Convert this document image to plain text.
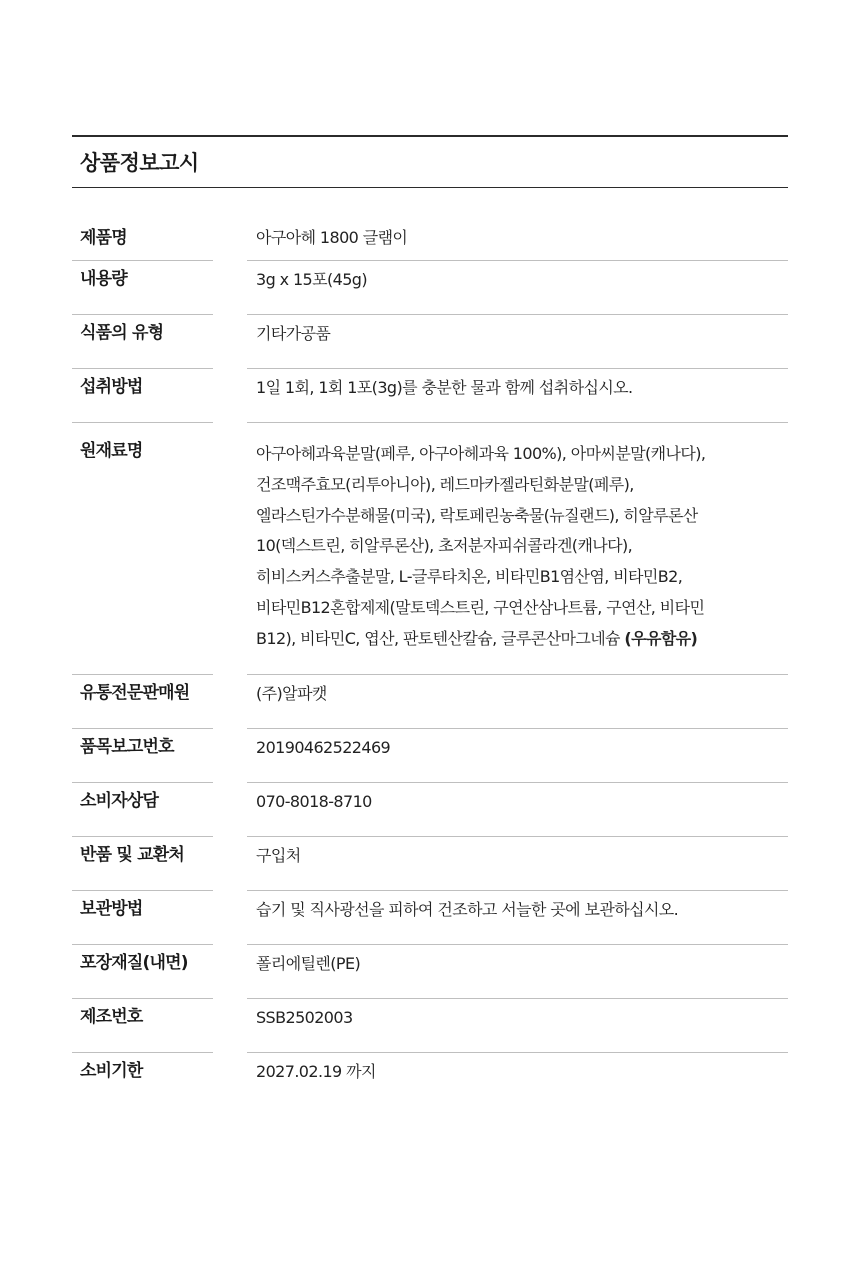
상품정보고시
제품명	아구아헤 1800 글램이
내용량	3g x 15포(45g)
식품의 유형	기타가공품
섭취방법	1일 1회, 1회 1포(3g)를 충분한 물과 함께 섭취하십시오.
원재료명	아구아헤과육분말(페루, 아구아헤과육 100%), 아마씨분말(캐나다),
건조맥주효모(리투아니아), 레드마카젤라틴화분말(페루),
엘라스틴가수분해물(미국), 락토페린농축물(뉴질랜드), 히알루론산
10(덱스트린, 히알루론산), 초저분자피쉬콜라겐(캐나다),
히비스커스추출분말, L-글루타치온, 비타민B1염산염, 비타민B2,
비타민B12혼합제제(말토덱스트린, 구연산삼나트륨, 구연산, 비타민
B12), 비타민C, 엽산, 판토텐산칼슘, 글루콘산마그네슘 (우유함유)
유통전문판매원	(주)알파캣
품목보고번호	20190462522469
소비자상담	070-8018-8710
반품 및 교환처	구입처
보관방법	습기 및 직사광선을 피하여 건조하고 서늘한 곳에 보관하십시오.
포장재질(내면)	폴리에틸렌(PE)
제조번호	SSB2502003
소비기한	2027.02.19 까지
